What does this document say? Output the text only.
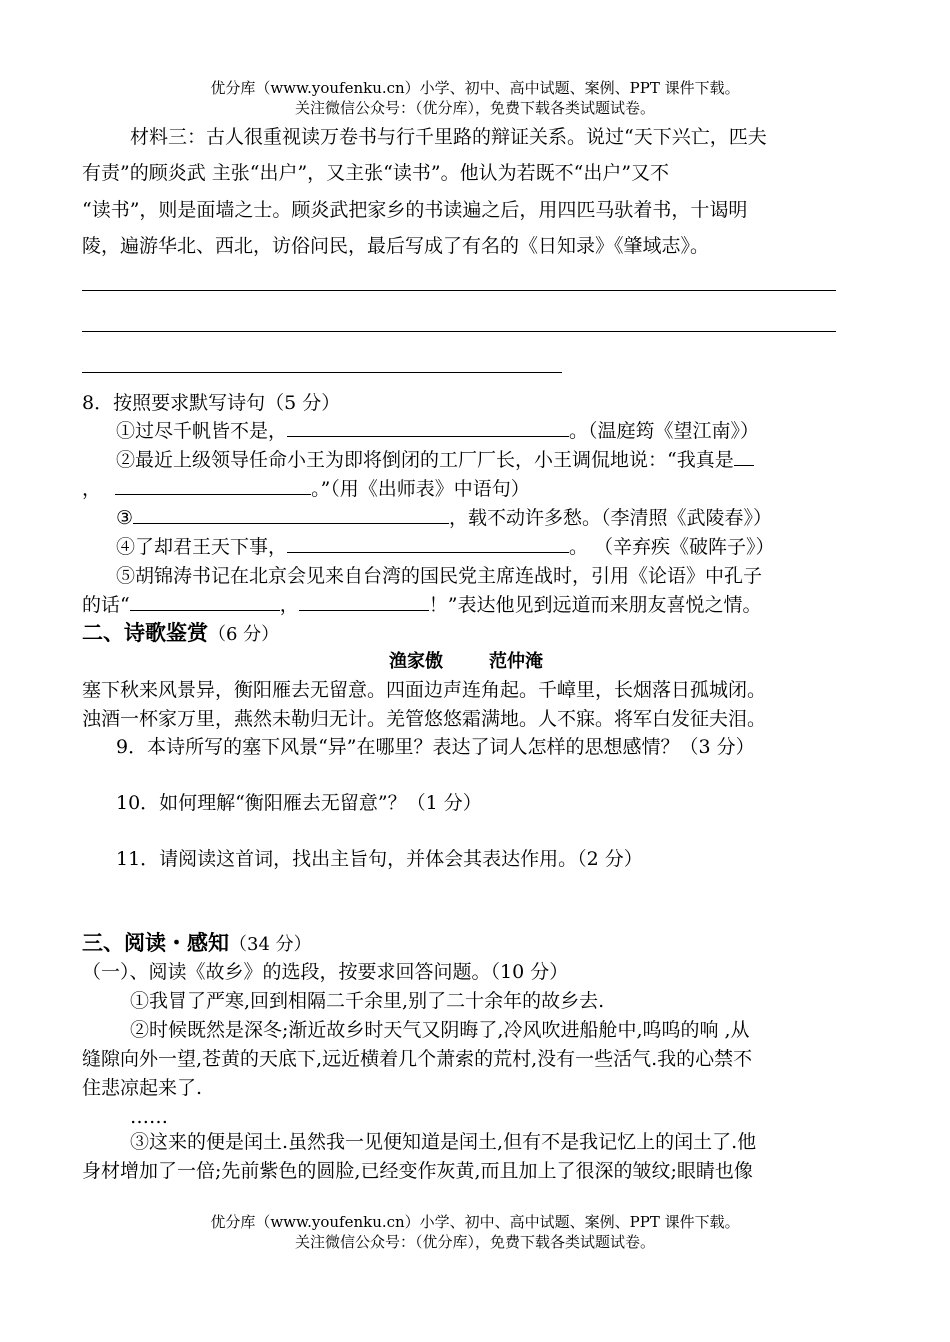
优分库（www.youfenku.cn）小学、初中、高中试题、案例、PPT 课件下载。
关注微信公众号：（优分库），免费下载各类试题试卷。
材料三：古人很重视读万卷书与行千里路的辩证关系。说过“天下兴亡，匹夫
有责”的顾炎武 主张“出户”，又主张“读书”。他认为若既不“出户”又不
“读书”，则是面墙之士。顾炎武把家乡的书读遍之后，用四匹马驮着书，十谒明
陵，遍游华北、西北，访俗问民，最后写成了有名的《日知录》《肇域志》。
8．按照要求默写诗句（5 分）
①过尽千帆皆不是，	。（温庭筠《望江南》）
②最近上级领导任命小王为即将倒闭的工厂厂长，小王调侃地说：“我真是
，	。”（用《出师表》中语句）
③	，载不动许多愁。（李清照《武陵春》）
④了却君王天下事，	。 （辛弃疾《破阵子》）
⑤胡锦涛书记在北京会见来自台湾的国民党主席连战时，引用《论语》中孔子
的话“	，	！”表达他见到远道而来朋友喜悦之情。
二、诗歌鉴赏（6 分）
渔家傲	范仲淹
塞下秋来风景异，衡阳雁去无留意。四面边声连角起。千嶂里，长烟落日孤城闭。
浊酒一杯家万里，燕然未勒归无计。羌管悠悠霜满地。人不寐。将军白发征夫泪。
9．本诗所写的塞下风景“异”在哪里？表达了词人怎样的思想感情？（3 分）
10．如何理解“衡阳雁去无留意”？（1 分）
11．请阅读这首词，找出主旨句，并体会其表达作用。（2 分）
三、阅读・感知（34 分）
（一）、阅读《故乡》的选段，按要求回答问题。（10 分）
①我冒了严寒,回到相隔二千余里,别了二十余年的故乡去.
②时候既然是深冬;渐近故乡时天气又阴晦了,冷风吹进船舱中,呜呜的响 ,从
缝隙向外一望,苍黄的天底下,远近横着几个萧索的荒村,没有一些活气.我的心禁不
住悲凉起来了.
……
③这来的便是闰土.虽然我一见便知道是闰土,但有不是我记忆上的闰土了.他
身材增加了一倍;先前紫色的圆脸,已经变作灰黄,而且加上了很深的皱纹;眼睛也像
优分库（www.youfenku.cn）小学、初中、高中试题、案例、PPT 课件下载。
关注微信公众号：（优分库），免费下载各类试题试卷。
